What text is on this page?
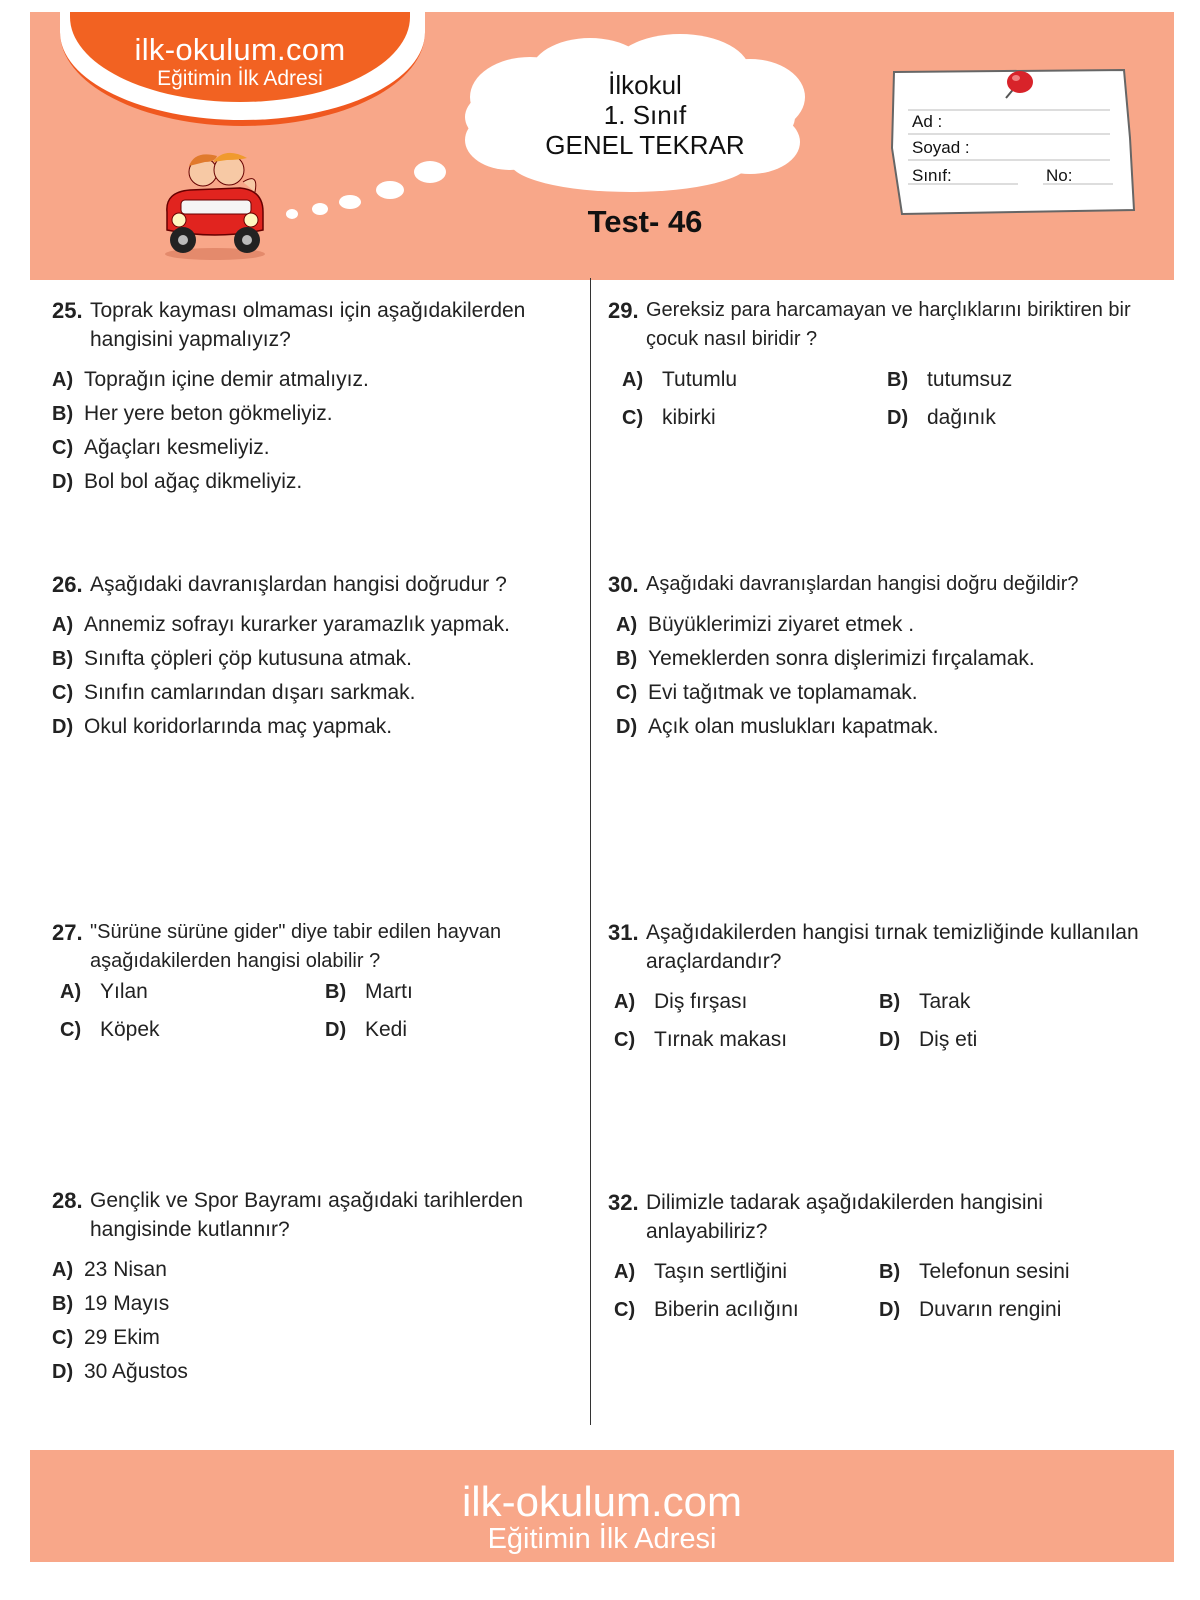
ilk-okulum.com
Eğitimin İlk Adresi	İlkokul
1. Sınıf
GENEL TEKRAR
Test- 46
Ad :
Soyad :
Sınıf:	No:
25. Toprak kayması olmaması için aşağıdakilerden hangisini yapmalıyız?
A) Toprağın içine demir atmalıyız.
B) Her yere beton gökmeliyiz.
C) Ağaçları kesmeliyiz.
D) Bol bol ağaç dikmeliyiz.
26. Aşağıdaki davranışlardan hangisi doğrudur ?
A) Annemiz sofrayı kurarker yaramazlık yapmak.
B) Sınıfta çöpleri çöp kutusuna atmak.
C) Sınıfın camlarından dışarı sarkmak.
D) Okul koridorlarında maç yapmak.
27. "Sürüne sürüne gider" diye tabir edilen hayvan aşağıdakilerden hangisi olabilir ?
A) Yılan	B) Martı
C) Köpek	D) Kedi
28. Gençlik ve Spor Bayramı aşağıdaki tarihlerden hangisinde kutlannır?
A) 23 Nisan
B) 19 Mayıs
C) 29 Ekim
D) 30 Ağustos
29. Gereksiz para harcamayan ve harçlıklarını biriktiren bir çocuk nasıl biridir ?
A) Tutumlu	B) tutumsuz
C) kibirki	D) dağınık
30. Aşağıdaki davranışlardan hangisi doğru değildir?
A) Büyüklerimizi ziyaret etmek .
B) Yemeklerden sonra dişlerimizi fırçalamak.
C) Evi tağıtmak ve toplamamak.
D) Açık olan muslukları kapatmak.
31. Aşağıdakilerden hangisi tırnak temizliğinde kullanılan araçlardandır?
A) Diş fırşası	B) Tarak
C) Tırnak makası	D) Diş eti
32. Dilimizle tadarak aşağıdakilerden hangisini anlayabiliriz?
A) Taşın sertliğini	B) Telefonun sesini
C) Biberin acılığını	D) Duvarın rengini
ilk-okulum.com
Eğitimin İlk Adresi
